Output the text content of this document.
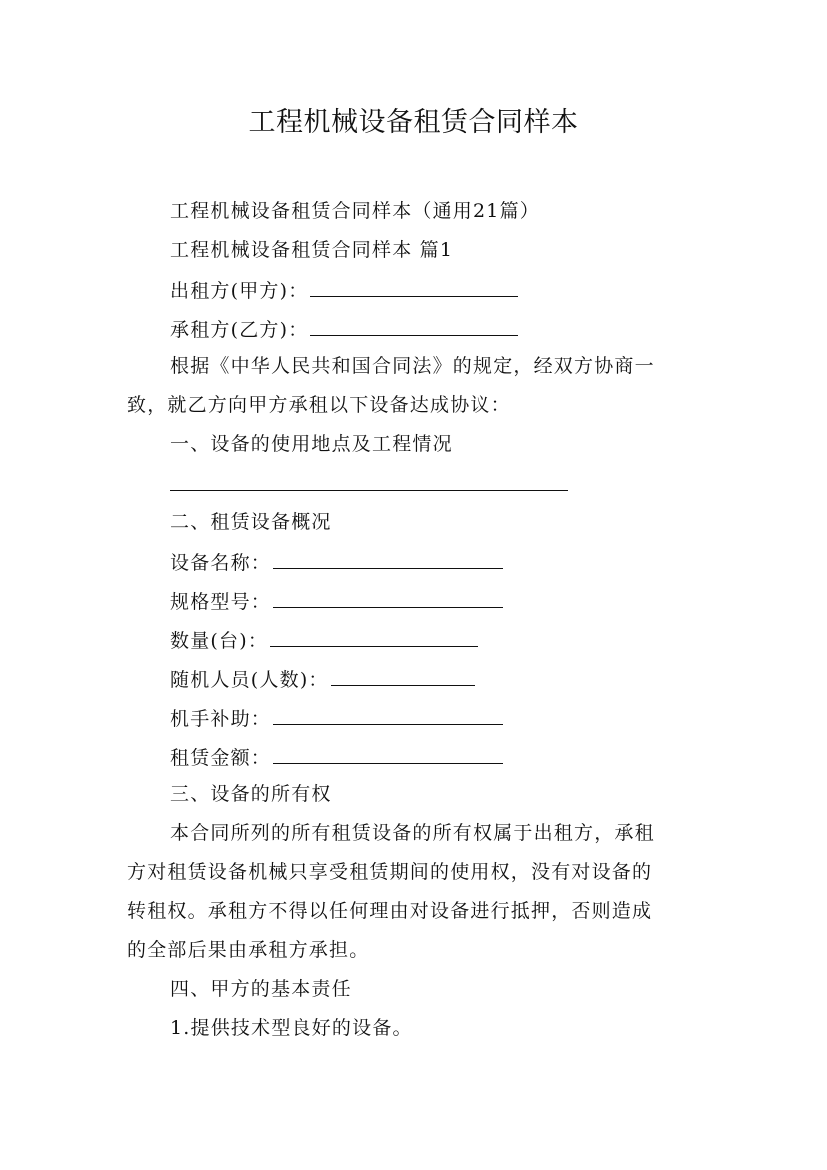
工程机械设备租赁合同样本
工程机械设备租赁合同样本（通用21篇）
工程机械设备租赁合同样本 篇1
出租方(甲方)：
承租方(乙方)：
根据《中华人民共和国合同法》的规定，经双方协商一
致，就乙方向甲方承租以下设备达成协议：
一、设备的使用地点及工程情况
二、租赁设备概况
设备名称：
规格型号：
数量(台)：
随机人员(人数)：
机手补助：
租赁金额：
三、设备的所有权
本合同所列的所有租赁设备的所有权属于出租方，承租
方对租赁设备机械只享受租赁期间的使用权，没有对设备的
转租权。承租方不得以任何理由对设备进行抵押，否则造成
的全部后果由承租方承担。
四、甲方的基本责任
1.提供技术型良好的设备。
